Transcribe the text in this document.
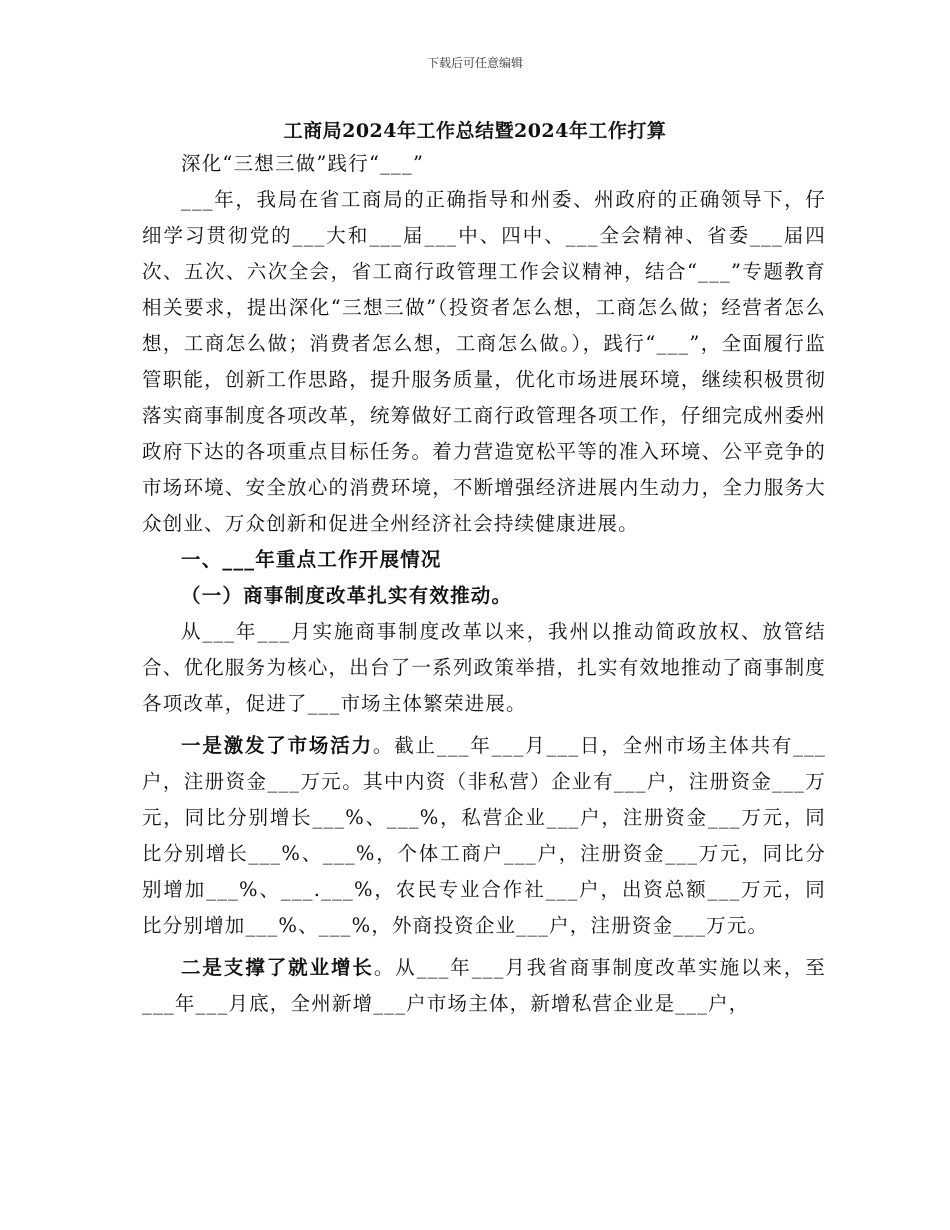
下载后可任意编辑
工商局2024年工作总结暨2024年工作打算

深化“三想三做”践行“___”

___年，我局在省工商局的正确指导和州委、州政府的正确领导下，仔细学习贯彻党的___大和___届___中、四中、___全会精神、省委___届四次、五次、六次全会，省工商行政管理工作会议精神，结合“___”专题教育相关要求，提出深化“三想三做”（投资者怎么想，工商怎么做；经营者怎么想，工商怎么做；消费者怎么想，工商怎么做。），践行“___”，全面履行监管职能，创新工作思路，提升服务质量，优化市场进展环境，继续积极贯彻落实商事制度各项改革，统筹做好工商行政管理各项工作，仔细完成州委州政府下达的各项重点目标任务。着力营造宽松平等的准入环境、公平竞争的市场环境、安全放心的消费环境，不断增强经济进展内生动力，全力服务大众创业、万众创新和促进全州经济社会持续健康进展。

一、___年重点工作开展情况

（一）商事制度改革扎实有效推动。

从___年___月实施商事制度改革以来，我州以推动简政放权、放管结合、优化服务为核心，出台了一系列政策举措，扎实有效地推动了商事制度各项改革，促进了___市场主体繁荣进展。

一是激发了市场活力。截止___年___月___日，全州市场主体共有___户，注册资金___万元。其中内资（非私营）企业有___户，注册资金___万元，同比分别增长___%、___%，私营企业___户，注册资金___万元，同比分别增长___%、___%，个体工商户___户，注册资金___万元，同比分别增加___%、___.___%，农民专业合作社___户，出资总额___万元，同比分别增加___%、___%，外商投资企业___户，注册资金___万元。

二是支撑了就业增长。从___年___月我省商事制度改革实施以来，至___年___月底，全州新增___户市场主体，新增私营企业是___户，
